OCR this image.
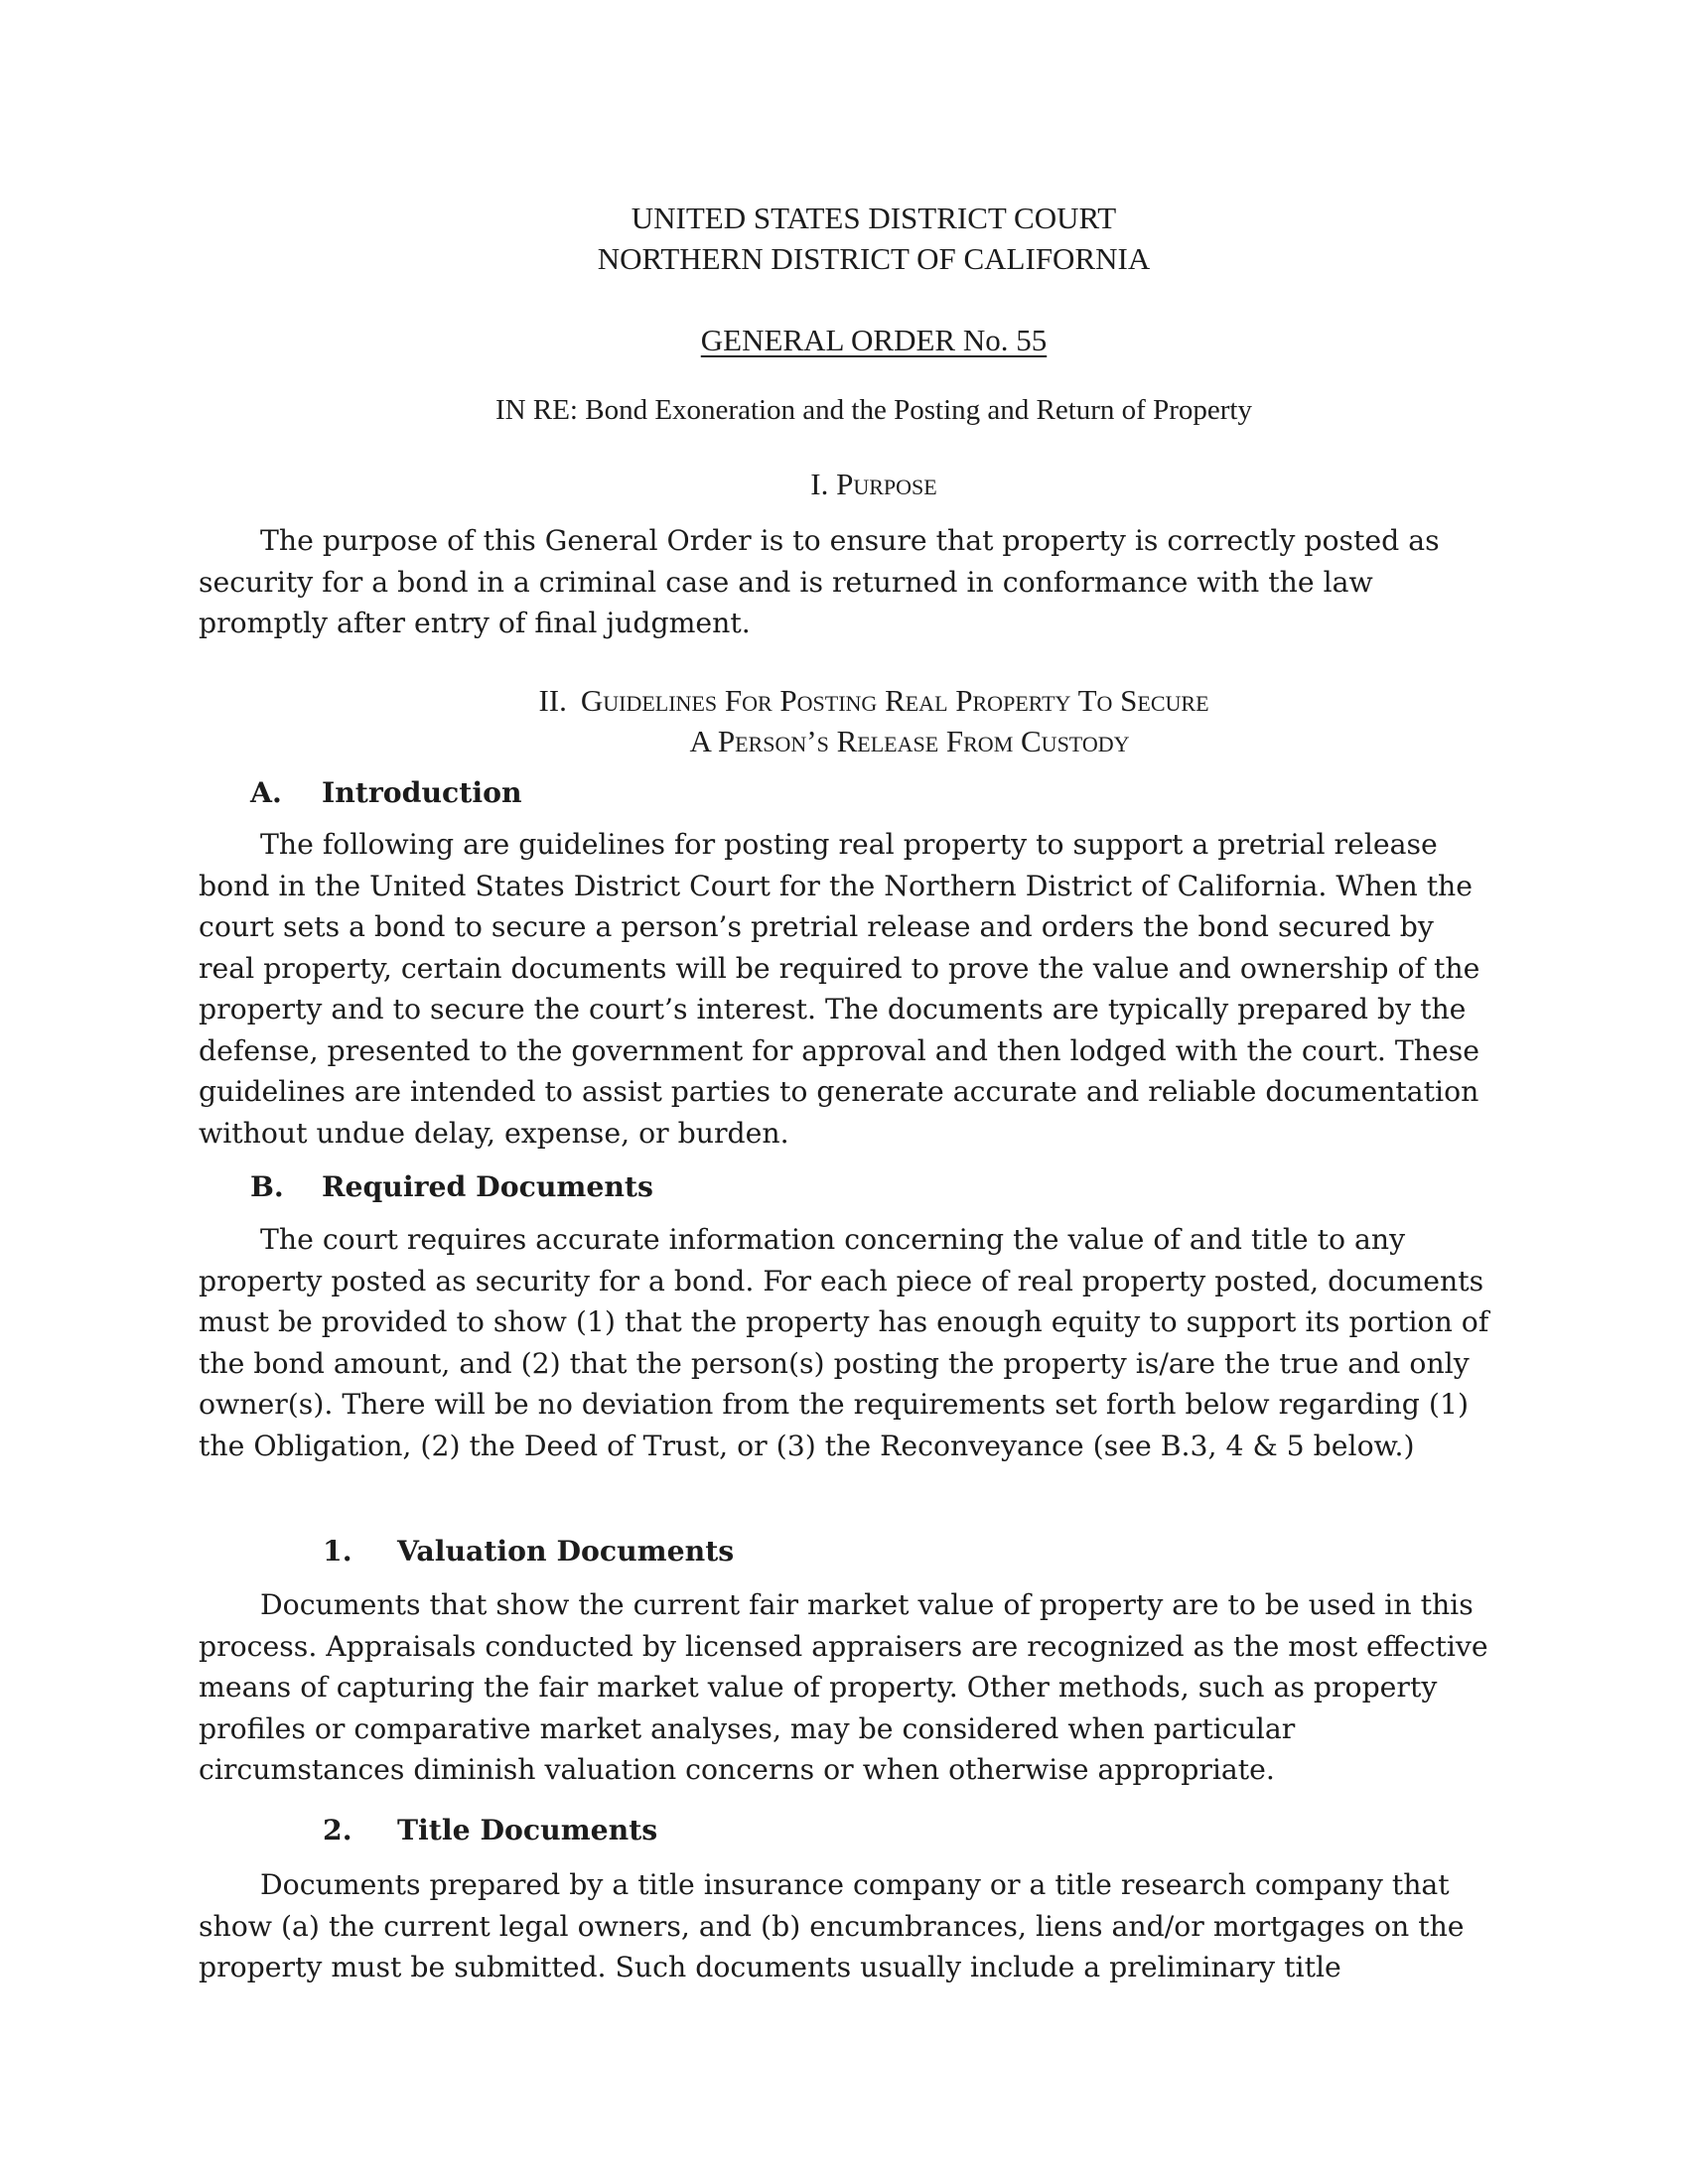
UNITED STATES DISTRICT COURT
NORTHERN DISTRICT OF CALIFORNIA
GENERAL ORDER No. 55
IN RE: Bond Exoneration and the Posting and Return of Property
I. Purpose

The purpose of this General Order is to ensure that property is correctly posted as security for a bond in a criminal case and is returned in conformance with the law promptly after entry of final judgment.

II. Guidelines For Posting Real Property To Secure
A Person’s Release From Custody
A. Introduction

The following are guidelines for posting real property to support a pretrial release bond in the United States District Court for the Northern District of California. When the court sets a bond to secure a person’s pretrial release and orders the bond secured by real property, certain documents will be required to prove the value and ownership of the property and to secure the court’s interest. The documents are typically prepared by the defense, presented to the government for approval and then lodged with the court. These guidelines are intended to assist parties to generate accurate and reliable documentation without undue delay, expense, or burden.

B. Required Documents

The court requires accurate information concerning the value of and title to any property posted as security for a bond. For each piece of real property posted, documents must be provided to show (1) that the property has enough equity to support its portion of the bond amount, and (2) that the person(s) posting the property is/are the true and only owner(s). There will be no deviation from the requirements set forth below regarding (1) the Obligation, (2) the Deed of Trust, or (3) the Reconveyance (see B.3, 4 & 5 below.)

1. Valuation Documents

Documents that show the current fair market value of property are to be used in this process. Appraisals conducted by licensed appraisers are recognized as the most effective means of capturing the fair market value of property. Other methods, such as property profiles or comparative market analyses, may be considered when particular circumstances diminish valuation concerns or when otherwise appropriate.

2. Title Documents

Documents prepared by a title insurance company or a title research company that show (a) the current legal owners, and (b) encumbrances, liens and/or mortgages on the property must be submitted. Such documents usually include a preliminary title
